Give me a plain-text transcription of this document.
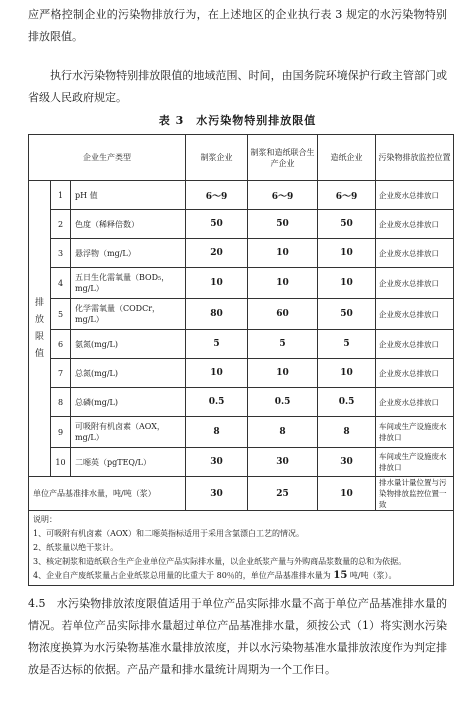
应严格控制企业的污染物排放行为，在上述地区的企业执行表 3 规定的水污染物特别排放限值。

执行水污染物特别排放限值的地域范围、时间，由国务院环境保护行政主管部门或省级人民政府规定。

表 3　水污染物特别排放限值
企业生产类型			制浆企业	制浆和造纸联合生产企业	造纸企业	污染物排放监控位置
排
放
限
值	1	pH 值	6～9	6～9	6～9	企业废水总排放口
	2	色度（稀释倍数）	50	50	50	企业废水总排放口
	3	悬浮物（mg/L）	20	10	10	企业废水总排放口
	4	五日生化需氧量（BOD₅，mg/L）	10	10	10	企业废水总排放口
	5	化学需氧量（CODCr，mg/L）	80	60	50	企业废水总排放口
	6	氨氮(mg/L)	5	5	5	企业废水总排放口
	7	总氮(mg/L)	10	10	10	企业废水总排放口
	8	总磷(mg/L)	0.5	0.5	0.5	企业废水总排放口
	9	可吸附有机卤素（AOX，mg/L）	8	8	8	车间或生产设施废水排放口
	10	二噁英（pgTEQ/L）	30	30	30	车间或生产设施废水排放口
单位产品基准排水量，吨/吨（浆）			30	25	10	排水量计量位置与污染物排放监控位置一致

说明：
1、可吸附有机卤素（AOX）和二噁英指标适用于采用含氯漂白工艺的情况。
2、纸浆量以绝干浆计。
3、核定制浆和造纸联合生产企业单位产品实际排水量，以企业纸浆产量与外购商品浆数量的总和为依据。
4、企业自产废纸浆量占企业纸浆总用量的比重大于 80％的，单位产品基准排水量为 15 吨/吨（浆）。						

4.5　水污染物排放浓度限值适用于单位产品实际排水量不高于单位产品基准排水量的情况。若单位产品实际排水量超过单位产品基准排水量，须按公式（1）将实测水污染物浓度换算为水污染物基准水量排放浓度，并以水污染物基准水量排放浓度作为判定排放是否达标的依据。产品产量和排水量统计周期为一个工作日。
